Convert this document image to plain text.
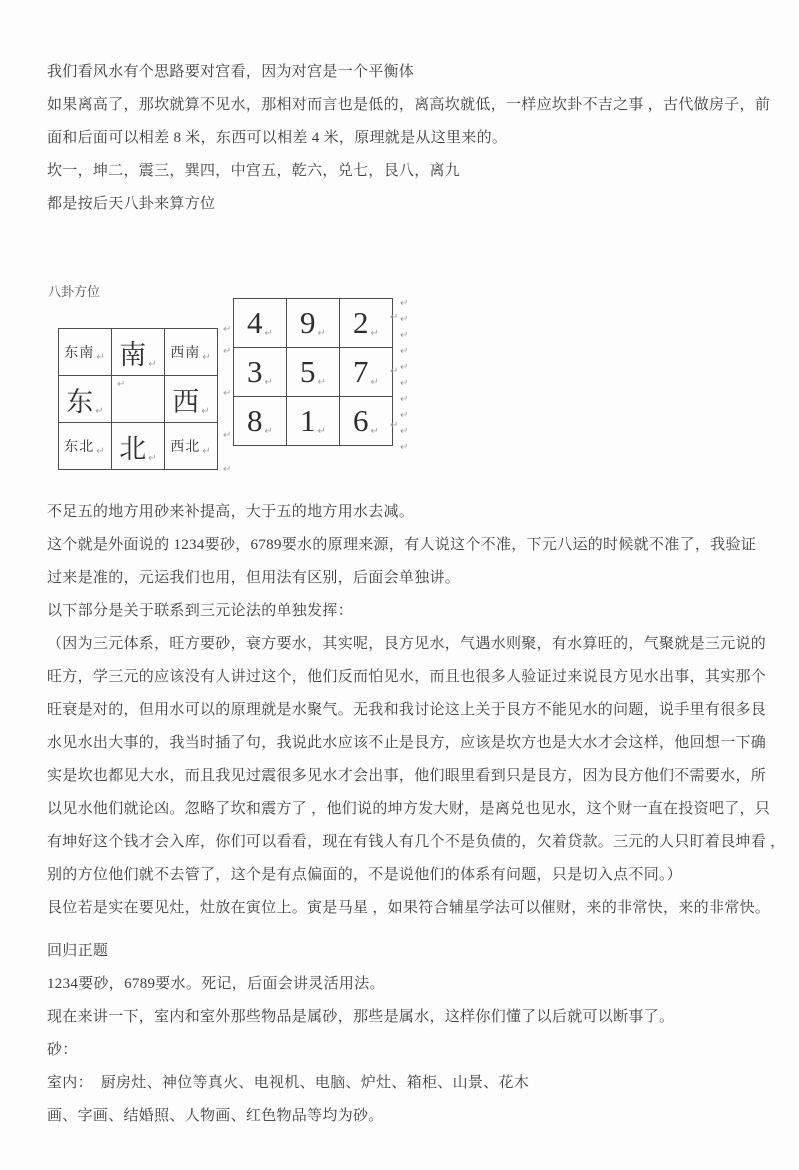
我们看风水有个思路要对宫看，因为对宫是一个平衡体
如果离高了，那坎就算不见水，那相对而言也是低的，离高坎就低，一样应坎卦不吉之事 ，古代做房子，前
面和后面可以相差 8 米，东西可以相差 4 米，原理就是从这里来的。
坎一，坤二，震三，巽四，中宫五，乾六，兑七，艮八，离九
都是按后天八卦来算方位
八卦方位
东南 $_↵$	南 ↵	西南 $_↵$
东 ↵	↵	西 ↵
东北 $_↵$	北 ↵	西北 $_↵$
4 ↵	9 ↵	2 ↵
3 ↵	5 ↵	7 ↵
8 ↵	1 ↵	6 ↵
↵
↵
↵
↵
↵
↵
↵
↵
↵
↵
↵
↵
↵
↵
↵
↵
↵
↵
不足五的地方用砂来补提高，大于五的地方用水去减。
这个就是外面说的 1234要砂，6789要水的原理来源，有人说这个不准，下元八运的时候就不准了，我验证
过来是准的，元运我们也用，但用法有区别，后面会单独讲。
以下部分是关于联系到三元论法的单独发挥：
（因为三元体系，旺方要砂，衰方要水，其实呢，艮方见水，气遇水则聚，有水算旺的，气聚就是三元说的
旺方，学三元的应该没有人讲过这个，他们反而怕见水，而且也很多人验证过来说艮方见水出事，其实那个
旺衰是对的，但用水可以的原理就是水聚气。无我和我讨论这上关于艮方不能见水的问题，说手里有很多艮
水见水出大事的，我当时插了句，我说此水应该不止是艮方，应该是坎方也是大水才会这样，他回想一下确
实是坎也都见大水，而且我见过震很多见水才会出事，他们眼里看到只是艮方，因为艮方他们不需要水，所
以见水他们就论凶。忽略了坎和震方了 ，他们说的坤方发大财，是离兑也见水，这个财一直在投资吧了，只
有坤好这个钱才会入库，你们可以看看，现在有钱人有几个不是负债的，欠着贷款。三元的人只盯着艮坤看 ，
别的方位他们就不去管了，这个是有点偏面的，不是说他们的体系有问题，只是切入点不同。）
艮位若是实在要见灶，灶放在寅位上。寅是马星 ，如果符合辅星学法可以催财，来的非常快，来的非常快。
回归正题
1234要砂，6789要水。死记，后面会讲灵活用法。
现在来讲一下，室内和室外那些物品是属砂，那些是属水，这样你们懂了以后就可以断事了。
砂：
室内：　厨房灶、神位等真火、电视机、电脑、炉灶、箱柜、山景、花木
画、字画、结婚照、人物画、红色物品等均为砂。
